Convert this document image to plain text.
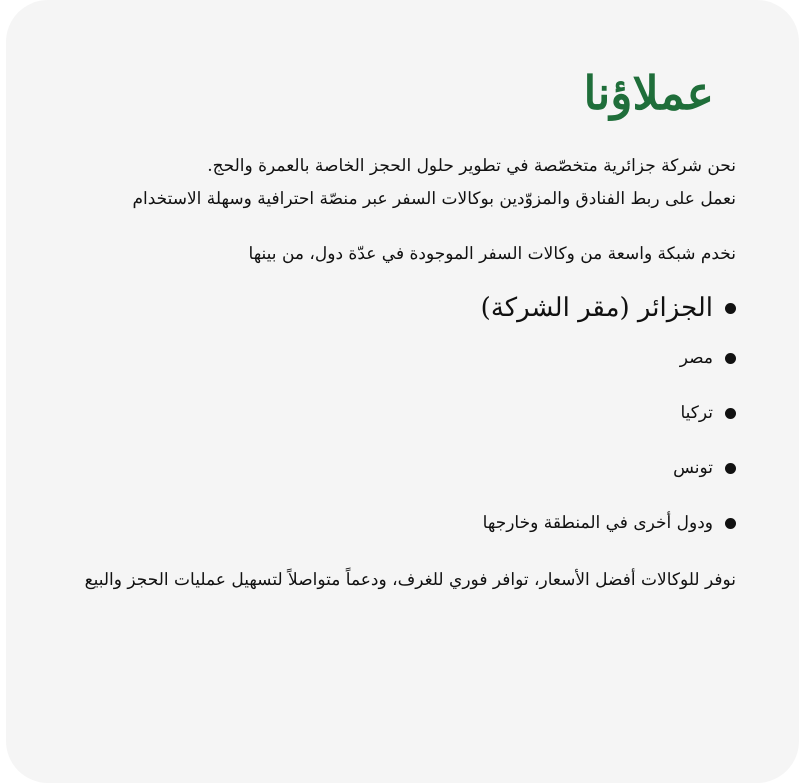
عملاؤنا

نحن شركة جزائرية متخصّصة في تطوير حلول الحجز الخاصة بالعمرة والحج.

نعمل على ربط الفنادق والمزوّدين بوكالات السفر عبر منصّة احترافية وسهلة الاستخدام

نخدم شبكة واسعة من وكالات السفر الموجودة في عدّة دول، من بينها

الجزائر (مقر الشركة)
مصر
تركيا
تونس
ودول أخرى في المنطقة وخارجها

نوفر للوكالات أفضل الأسعار، توافر فوري للغرف، ودعماً متواصلاً لتسهيل عمليات الحجز والبيع
